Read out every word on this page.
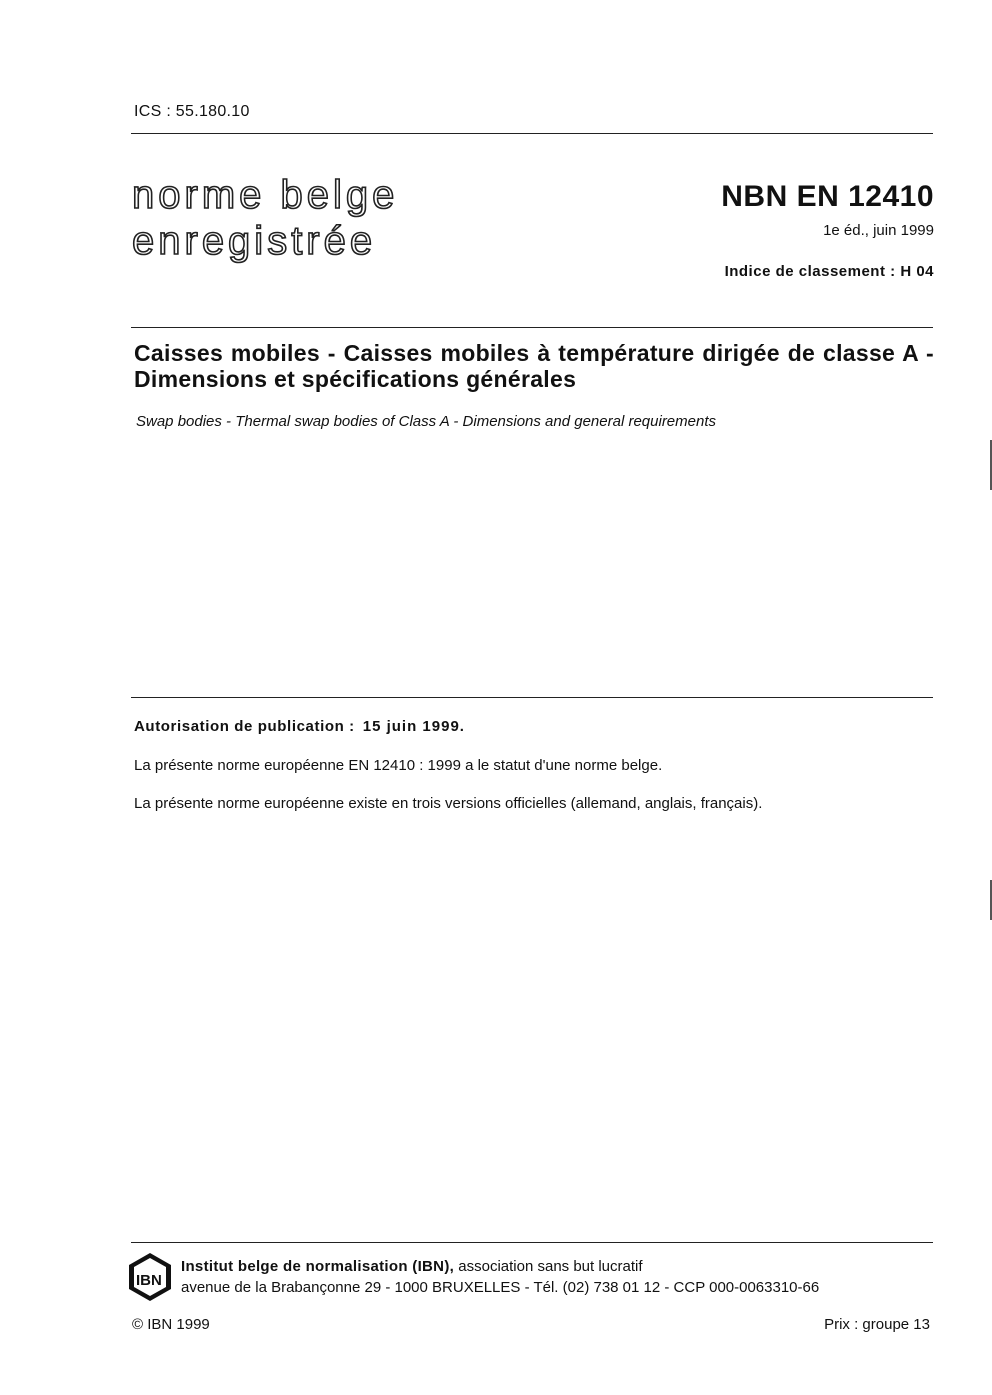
ICS : 55.180.10
norme belge
enregistrée
NBN EN 12410
1e éd., juin 1999
Indice de classement : H 04
Caisses mobiles - Caisses mobiles à température dirigée de classe A - Dimensions et spécifications générales
Swap bodies - Thermal swap bodies of Class A - Dimensions and general requirements
Autorisation de publication : 15 juin 1999.
La présente norme européenne EN 12410 : 1999 a le statut d'une norme belge.
La présente norme européenne existe en trois versions officielles (allemand, anglais, français).
IBN
Institut belge de normalisation (IBN), association sans but lucratif
avenue de la Brabançonne 29 - 1000 BRUXELLES - Tél. (02) 738 01 12 - CCP 000-0063310-66
© IBN 1999	Prix : groupe 13
